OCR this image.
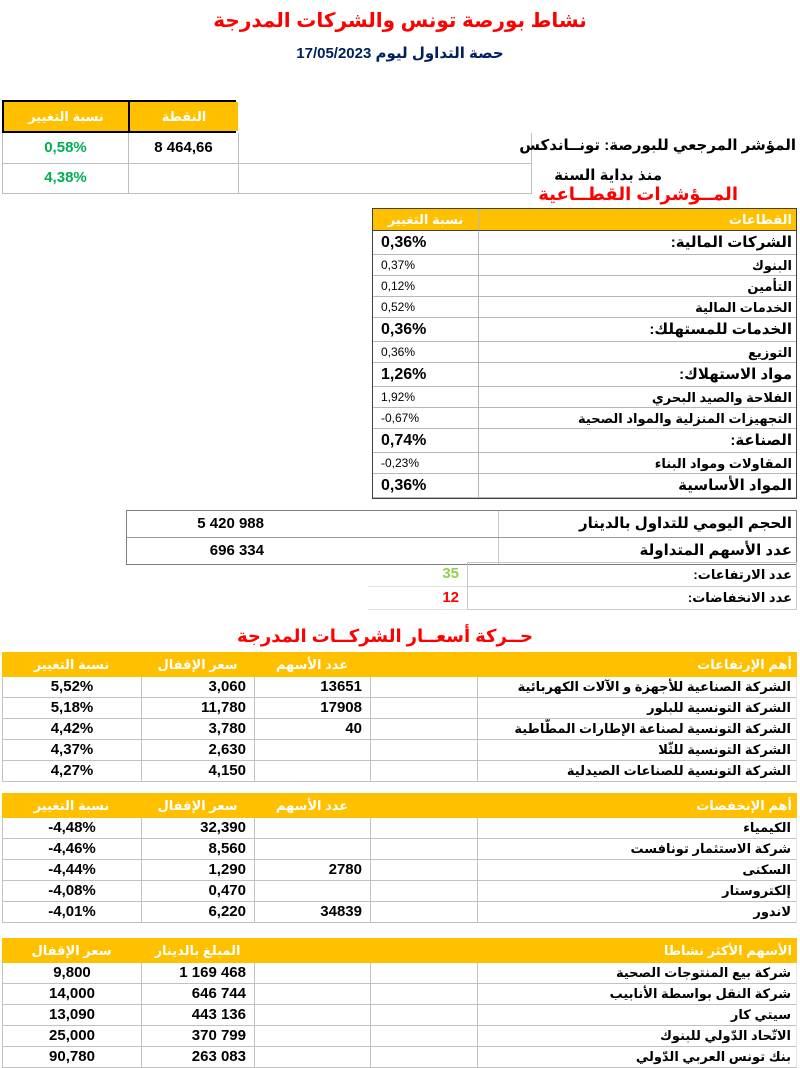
نشاط بورصة تونس والشركات المدرجة
حصة التداول ليوم 17/05/2023
نسبة التغيير	النقطة
0,58%	8 464,66
4,38%
المؤشر المرجعي للبورصة: تونــاندكس
منذ بداية السنة
المــؤشرات القطــاعية
القطاعات
نسبة التغيير
الشركات المالية:
0,36%
البنوك
0,37%
التأمين
0,12%
الخدمات المالية
0,52%
الخدمات للمستهلك:
0,36%
التوزيع
0,36%
مواد الاستهلاك:
1,26%
الفلاحة والصيد البحري
1,92%
التجهيزات المنزلية والمواد الصحية
-0,67%
الصناعة:
0,74%
المقاولات ومواد البناء
-0,23%
المواد الأساسية
0,36%
الحجم اليومي للتداول بالدينار
5 420 988
عدد الأسهم المتداولة
696 334
عدد الارتفاعات:
35
عدد الانخفاضات:
12
حــركة أسعــار الشركــات المدرجة
أهم الإرتفاعات
عدد الأسهم
سعر الإقفال
نسبة التغيير
الشركة الصناعية للأجهزة و الآلات الكهربائية
13651
3,060
5,52%
الشركة التونسية للبلور
17908
11,780
5,18%
الشركة التونسية لصناعة الإطارات المطّاطية
40
3,780
4,42%
الشركة التونسية للثّلا
2,630
4,37%
الشركة التونسية للصناعات الصيدلية
4,150
4,27%
أهم الإنخفضات
عدد الأسهم
سعر الإقفال
نسبة التغيير
الكيمياء
32,390
-4,48%
شركة الاستثمار تونافست
8,560
-4,46%
السكنى
2780
1,290
-4,44%
إلكتروستار
0,470
-4,08%
لاندور
34839
6,220
-4,01%
الأسهم الأكثر نشاطا
المبلغ بالدينار
سعر الإقفال
شركة بيع المنتوجات الصحية
1 169 468
9,800
شركة النقل بواسطة الأنابيب
646 744
14,000
سيتي كار
443 136
13,090
الاتّحاد الدّولي للبنوك
370 799
25,000
بنك تونس العربي الدّولي
263 083
90,780
